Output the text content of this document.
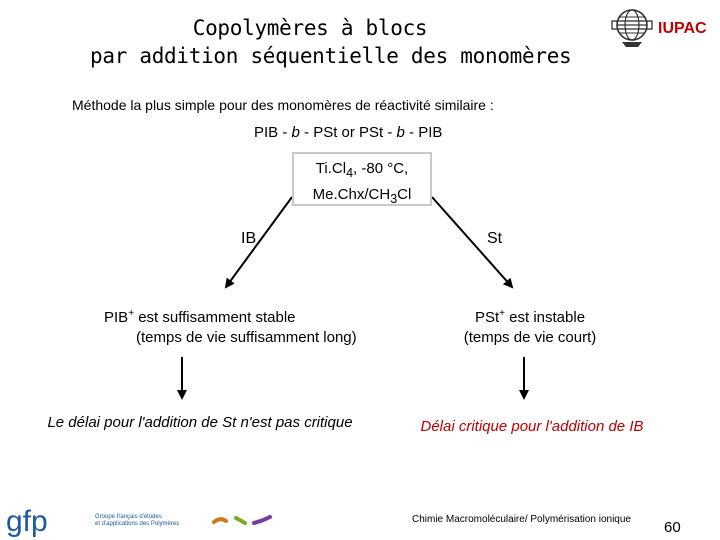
Copolymères à blocs
par addition séquentielle des monomères
IUPAC
Méthode la plus simple pour des monomères de réactivité similaire :
PIB - b - PSt or PSt - b - PIB
$Ti.Cl_4$, -80 °C,
$Me.Chx/CH_3Cl$
IB	St
PIB+ est suffisamment stable
(temps de vie suffisamment long)
PSt+ est instable
(temps de vie court)
Le délai pour l'addition de St n'est pas critique	Délai critique pour l'addition de IB
gfp	Groupe français d'études
et d'applications des Polymères	Chimie Macromoléculaire/ Polymérisation ionique 60
